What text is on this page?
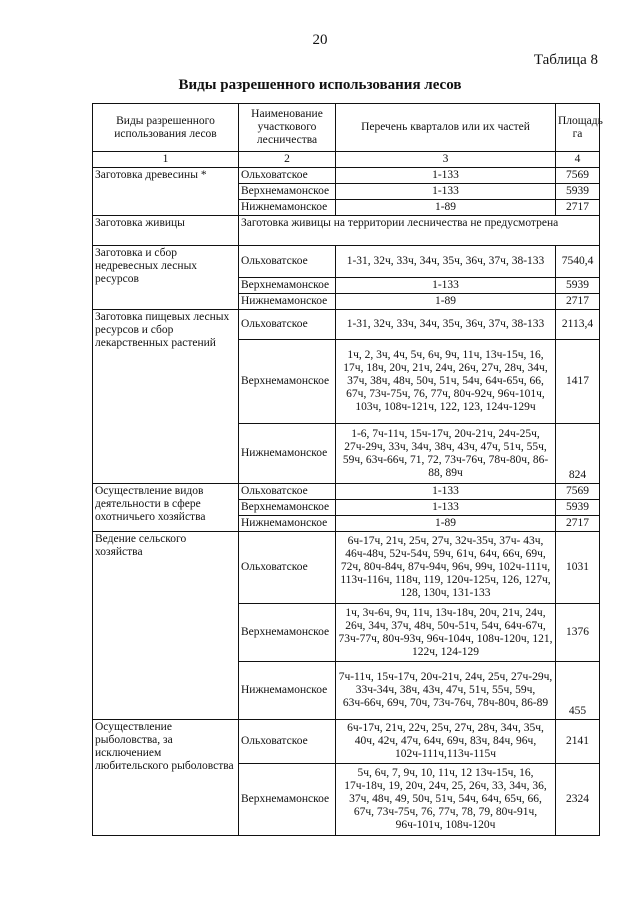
20
Таблица 8
Виды разрешенного использования лесов
Виды разрешенного использования лесов	Наименование участкового лесничества	Перечень кварталов или их частей	Площадь га
1	2	3	4
Заготовка древесины *	Ольховатское	1-133	7569
	Верхнемамонское	1-133	5939
	Нижнемамонское	1-89	2717
Заготовка живицы	Заготовка живицы на территории лесничества не предусмотрена		
Заготовка и сбор недревесных лесных ресурсов	Ольховатское	1-31, 32ч, 33ч, 34ч, 35ч, 36ч, 37ч, 38-133	7540,4
	Верхнемамонское	1-133	5939
	Нижнемамонское	1-89	2717
Заготовка пищевых лесных ресурсов и сбор лекарственных растений	Ольховатское	1-31, 32ч, 33ч, 34ч, 35ч, 36ч, 37ч, 38-133	2113,4
	Верхнемамонское	1ч, 2, 3ч, 4ч, 5ч, 6ч, 9ч, 11ч, 13ч-15ч, 16, 17ч, 18ч, 20ч, 21ч, 24ч, 26ч, 27ч, 28ч, 34ч, 37ч, 38ч, 48ч, 50ч, 51ч, 54ч, 64ч-65ч, 66, 67ч, 73ч-75ч, 76, 77ч, 80ч-92ч, 96ч-101ч, 103ч, 108ч-121ч, 122, 123, 124ч-129ч	1417
	Нижнемамонское	1-6, 7ч-11ч, 15ч-17ч, 20ч-21ч, 24ч-25ч, 27ч-29ч, 33ч, 34ч, 38ч, 43ч, 47ч, 51ч, 55ч, 59ч, 63ч-66ч, 71, 72, 73ч-76ч, 78ч-80ч, 86-88, 89ч	824
Осуществление видов деятельности в сфере охотничьего хозяйства	Ольховатское	1-133	7569
	Верхнемамонское	1-133	5939
	Нижнемамонское	1-89	2717
Ведение сельского хозяйства	Ольховатское	6ч-17ч, 21ч, 25ч, 27ч, 32ч-35ч, 37ч- 43ч, 46ч-48ч, 52ч-54ч, 59ч, 61ч, 64ч, 66ч, 69ч, 72ч, 80ч-84ч, 87ч-94ч, 96ч, 99ч, 102ч-111ч, 113ч-116ч, 118ч, 119, 120ч-125ч, 126, 127ч, 128, 130ч, 131-133	1031
	Верхнемамонское	1ч, 3ч-6ч, 9ч, 11ч, 13ч-18ч, 20ч, 21ч, 24ч, 26ч, 34ч, 37ч, 48ч, 50ч-51ч, 54ч, 64ч-67ч, 73ч-77ч, 80ч-93ч, 96ч-104ч, 108ч-120ч, 121, 122ч, 124-129	1376
	Нижнемамонское	7ч-11ч, 15ч-17ч, 20ч-21ч, 24ч, 25ч, 27ч-29ч, 33ч-34ч, 38ч, 43ч, 47ч, 51ч, 55ч, 59ч, 63ч-66ч, 69ч, 70ч, 73ч-76ч, 78ч-80ч, 86-89	455
Осуществление рыболовства, за исключением любительского рыболовства	Ольховатское	6ч-17ч, 21ч, 22ч, 25ч, 27ч, 28ч, 34ч, 35ч, 40ч, 42ч, 47ч, 64ч, 69ч, 83ч, 84ч, 96ч, 102ч-111ч,113ч-115ч	2141
	Верхнемамонское	5ч, 6ч, 7, 9ч, 10, 11ч, 12 13ч-15ч, 16, 17ч-18ч, 19, 20ч, 24ч, 25, 26ч, 33, 34ч, 36, 37ч, 48ч, 49, 50ч, 51ч, 54ч, 64ч, 65ч, 66, 67ч, 73ч-75ч, 76, 77ч, 78, 79, 80ч-91ч, 96ч-101ч, 108ч-120ч	2324
